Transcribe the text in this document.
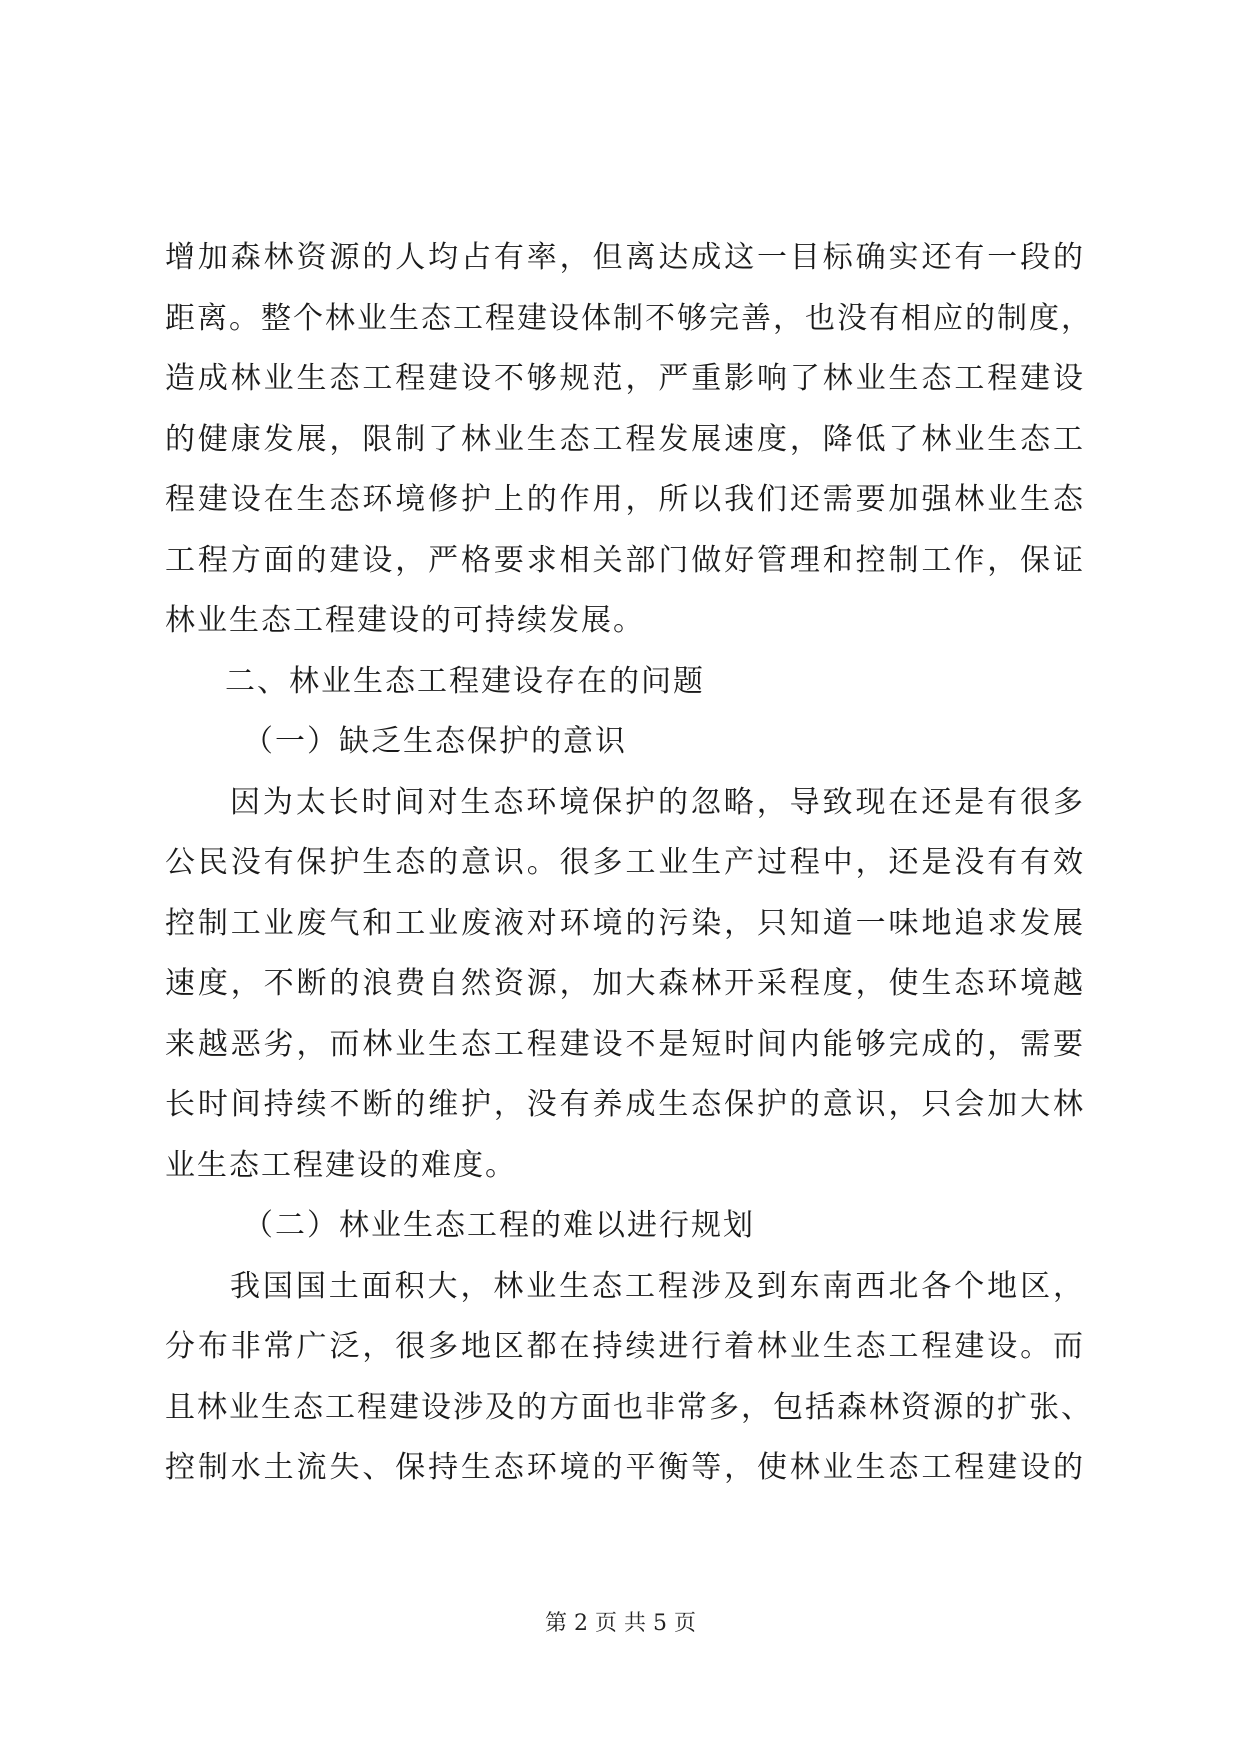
增加森林资源的人均占有率，但离达成这一目标确实还有一段的
距离。整个林业生态工程建设体制不够完善，也没有相应的制度，
造成林业生态工程建设不够规范，严重影响了林业生态工程建设
的健康发展，限制了林业生态工程发展速度，降低了林业生态工
程建设在生态环境修护上的作用，所以我们还需要加强林业生态
工程方面的建设，严格要求相关部门做好管理和控制工作，保证
林业生态工程建设的可持续发展。
二、林业生态工程建设存在的问题
（一）缺乏生态保护的意识
因为太长时间对生态环境保护的忽略，导致现在还是有很多
公民没有保护生态的意识。很多工业生产过程中，还是没有有效
控制工业废气和工业废液对环境的污染，只知道一味地追求发展
速度，不断的浪费自然资源，加大森林开采程度，使生态环境越
来越恶劣，而林业生态工程建设不是短时间内能够完成的，需要
长时间持续不断的维护，没有养成生态保护的意识，只会加大林
业生态工程建设的难度。
（二）林业生态工程的难以进行规划
我国国土面积大，林业生态工程涉及到东南西北各个地区，
分布非常广泛，很多地区都在持续进行着林业生态工程建设。而
且林业生态工程建设涉及的方面也非常多，包括森林资源的扩张、
控制水土流失、保持生态环境的平衡等，使林业生态工程建设的
第 2 页 共 5 页
